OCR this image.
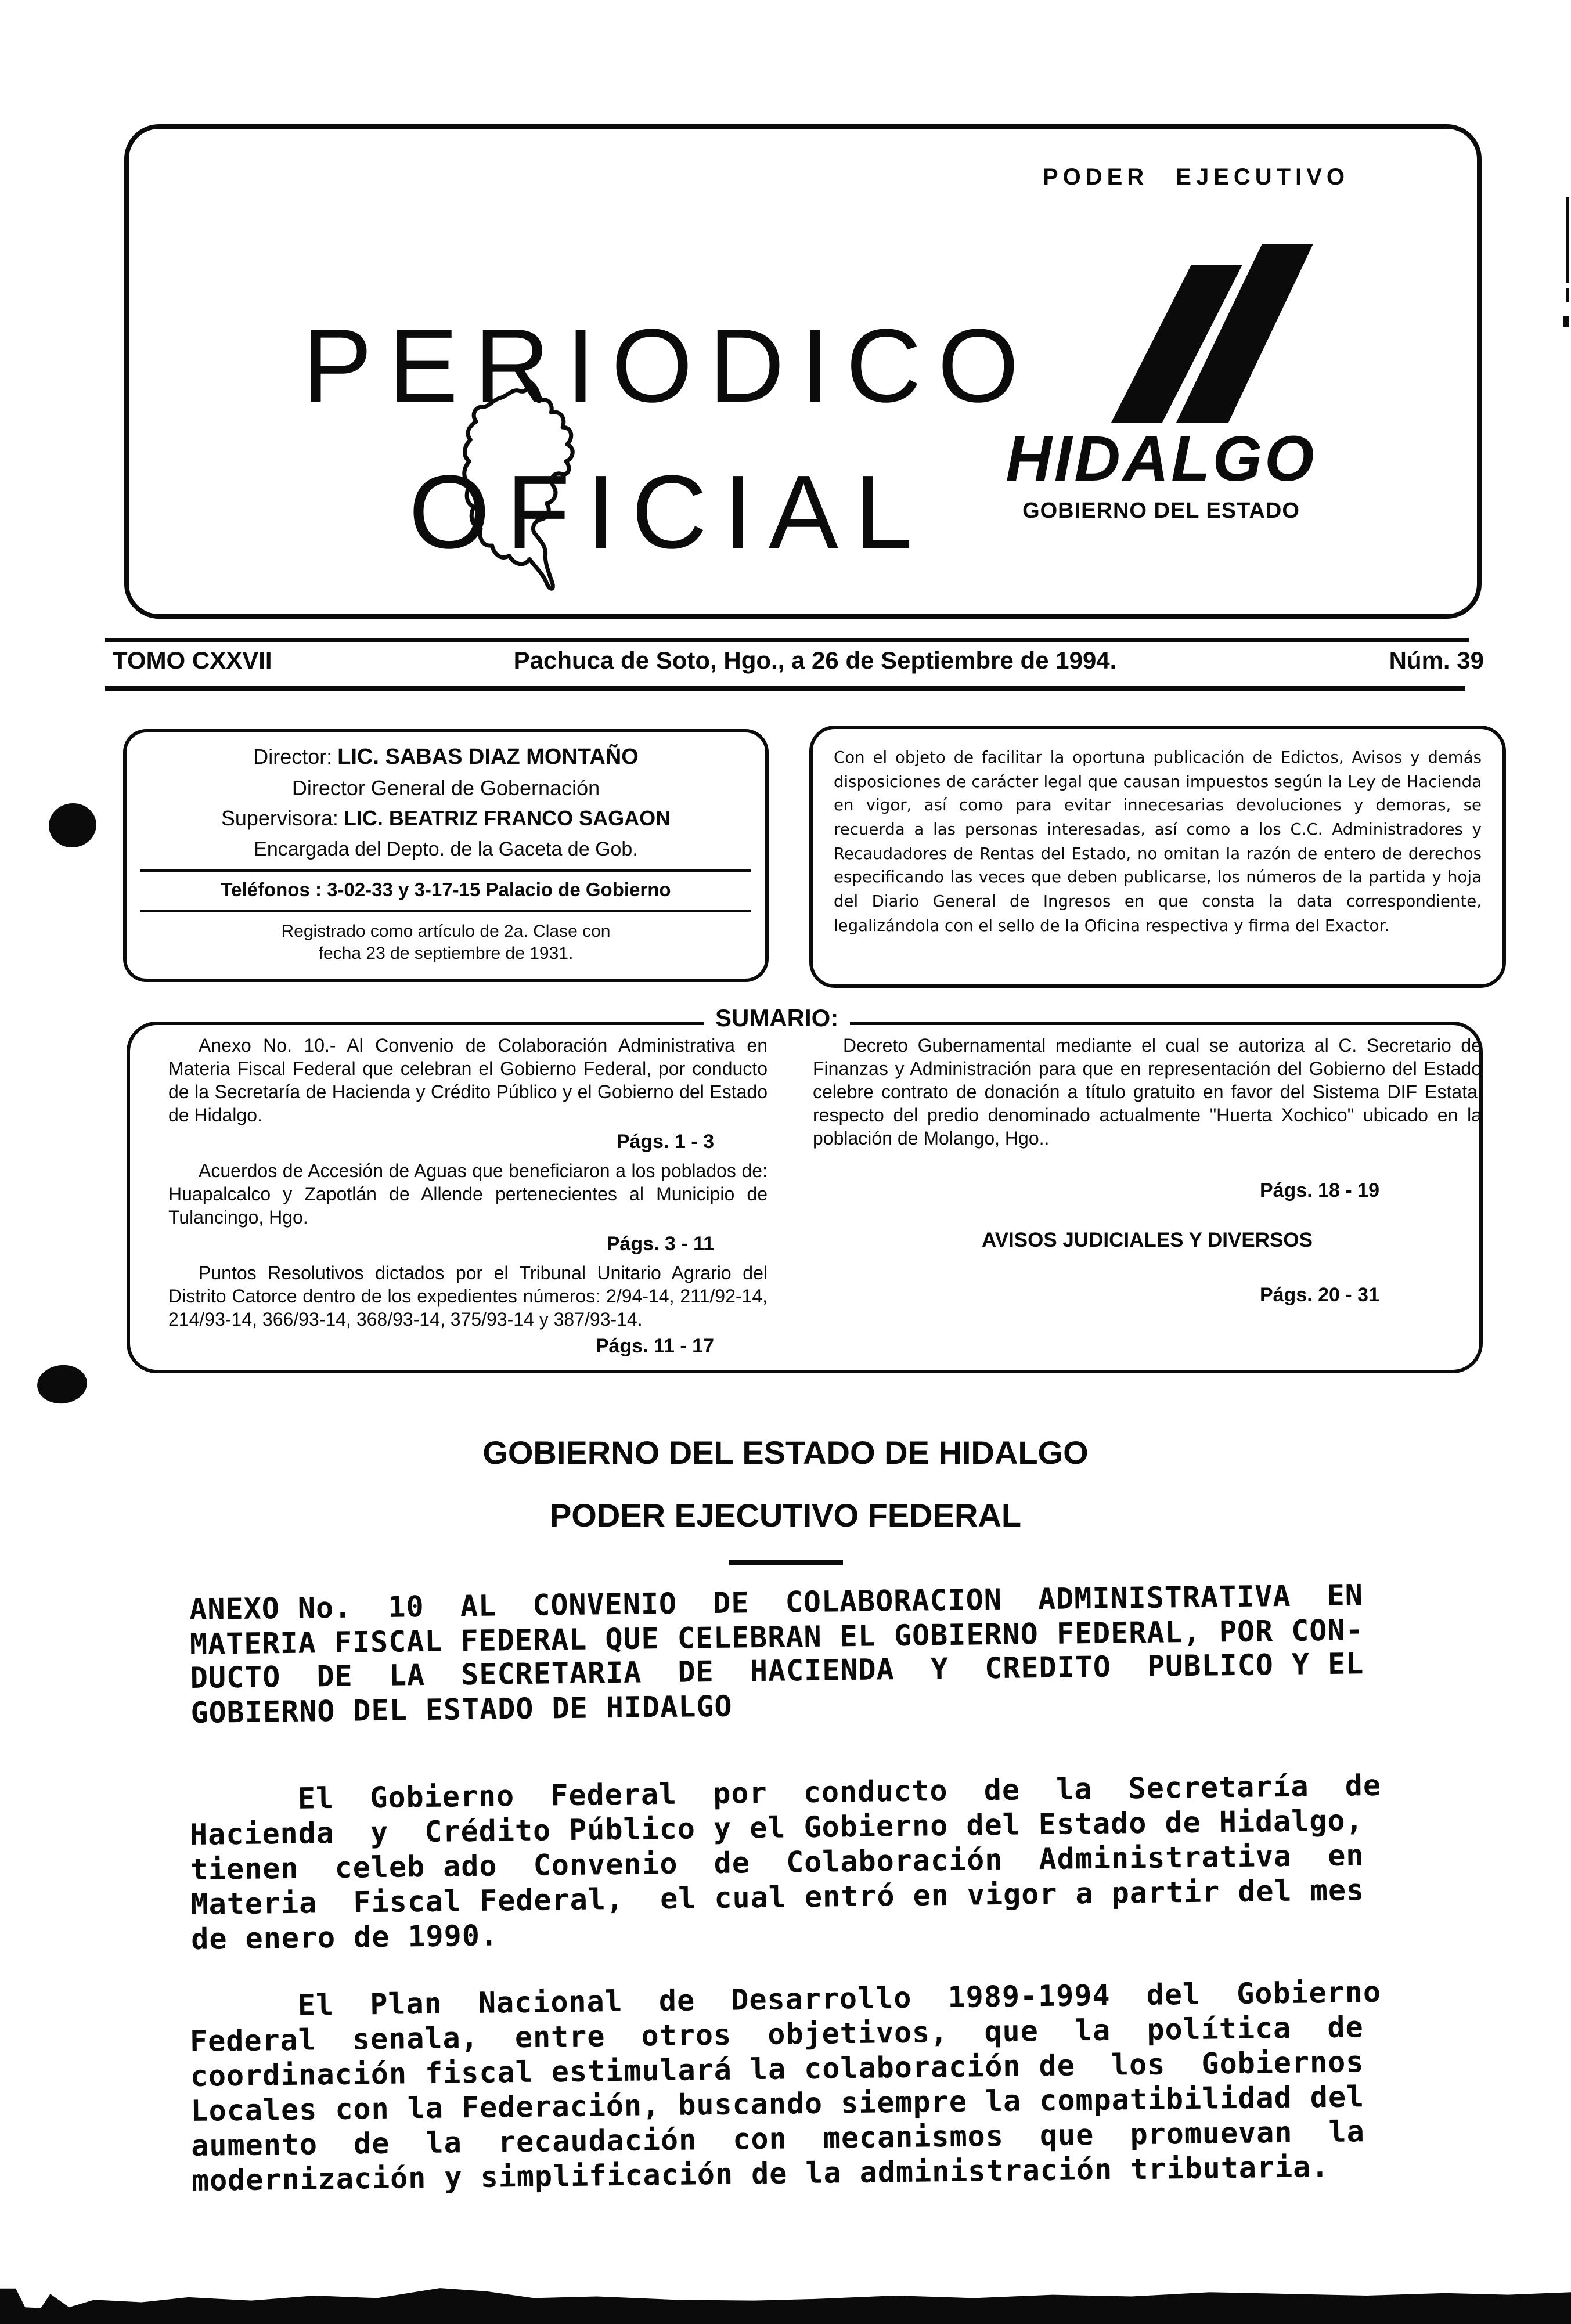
PERIODICO
OFICIAL
PODER EJECUTIVO
HIDALGO
GOBIERNO DEL ESTADO
TOMO CXXVII	Pachuca de Soto, Hgo., a 26 de Septiembre de 1994.	Núm. 39
Director: LIC. SABAS DIAZ MONTAÑO
Director General de Gobernación
Supervisora: LIC. BEATRIZ FRANCO SAGAON
Encargada del Depto. de la Gaceta de Gob.
Teléfonos : 3-02-33 y 3-17-15 Palacio de Gobierno
Registrado como artículo de 2a. Clase con
fecha 23 de septiembre de 1931.
Con el objeto de facilitar la oportuna publicación de Edictos, Avisos y demás disposiciones de carácter legal que causan impuestos según la Ley de Hacienda en vigor, así como para evitar innecesarias devoluciones y demoras, se recuerda a las personas interesadas, así como a los C.C. Administradores y Recaudadores de Rentas del Estado, no omitan la razón de entero de derechos especificando las veces que deben publicarse, los números de la partida y hoja del Diario General de Ingresos en que consta la data correspondiente, legalizándola con el sello de la Oficina respectiva y firma del Exactor.
SUMARIO:
Anexo No. 10.- Al Convenio de Colaboración Administrativa en Materia Fiscal Federal que celebran el Gobierno Federal, por conducto de la Secretaría de Hacienda y Crédito Público y el Gobierno del Estado de Hidalgo.
Págs. 1 - 3
Acuerdos de Accesión de Aguas que beneficiaron a los poblados de: Huapalcalco y Zapotlán de Allende pertenecientes al Municipio de Tulancingo, Hgo.
Págs. 3 - 11
Puntos Resolutivos dictados por el Tribunal Unitario Agrario del Distrito Catorce dentro de los expedientes números: 2/94-14, 211/92-14, 214/93-14, 366/93-14, 368/93-14, 375/93-14 y 387/93-14.
Págs. 11 - 17
Decreto Gubernamental mediante el cual se autoriza al C. Secretario de Finanzas y Administración para que en representación del Gobierno del Estado celebre contrato de donación a título gratuito en favor del Sistema DIF Estatal respecto del predio denominado actualmente "Huerta Xochico" ubicado en la población de Molango, Hgo..
Págs. 18 - 19
AVISOS JUDICIALES Y DIVERSOS
Págs. 20 - 31
GOBIERNO DEL ESTADO DE HIDALGO
PODER EJECUTIVO FEDERAL
ANEXO No.  10  AL  CONVENIO  DE  COLABORACION  ADMINISTRATIVA  EN
MATERIA FISCAL FEDERAL QUE CELEBRAN EL GOBIERNO FEDERAL, POR CON-
DUCTO  DE  LA  SECRETARIA  DE  HACIENDA  Y  CREDITO  PUBLICO Y EL
GOBIERNO DEL ESTADO DE HIDALGO
El  Gobierno  Federal  por  conducto  de  la  Secretaría  de
Hacienda  y  Crédito Público y el Gobierno del Estado de Hidalgo,
tienen  celeb ado  Convenio  de  Colaboración  Administrativa  en
Materia  Fiscal Federal,  el cual entró en vigor a partir del mes
de enero de 1990.
El  Plan  Nacional  de  Desarrollo  1989-1994  del  Gobierno
Federal  senala,  entre  otros  objetivos,  que  la  política  de
coordinación fiscal estimulará la colaboración de  los  Gobiernos
Locales con la Federación, buscando siempre la compatibilidad del
aumento  de  la  recaudación  con  mecanismos  que  promuevan  la
modernización y simplificación de la administración tributaria.
